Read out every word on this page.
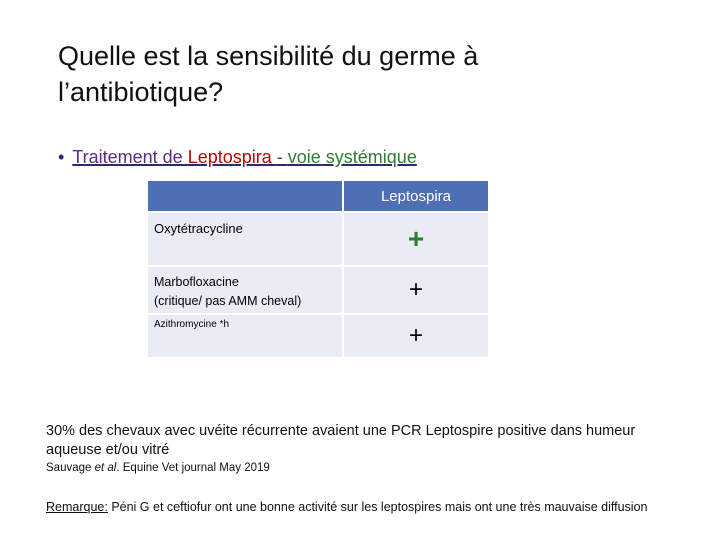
Quelle est la sensibilité du germe à l’antibiotique?
• Traitement de Leptospira - voie systémique
Leptospira
Oxytétracycline	+
Marbofloxacine
(critique/ pas AMM cheval)	+
Azithromycine *h	+
30% des chevaux avec uvéite récurrente avaient une PCR Leptospire positive dans humeur aqueuse et/ou vitré
Sauvage et al. Equine Vet journal May 2019
Remarque: Péni G et ceftiofur ont une bonne activité sur les leptospires mais ont une très mauvaise diffusion
